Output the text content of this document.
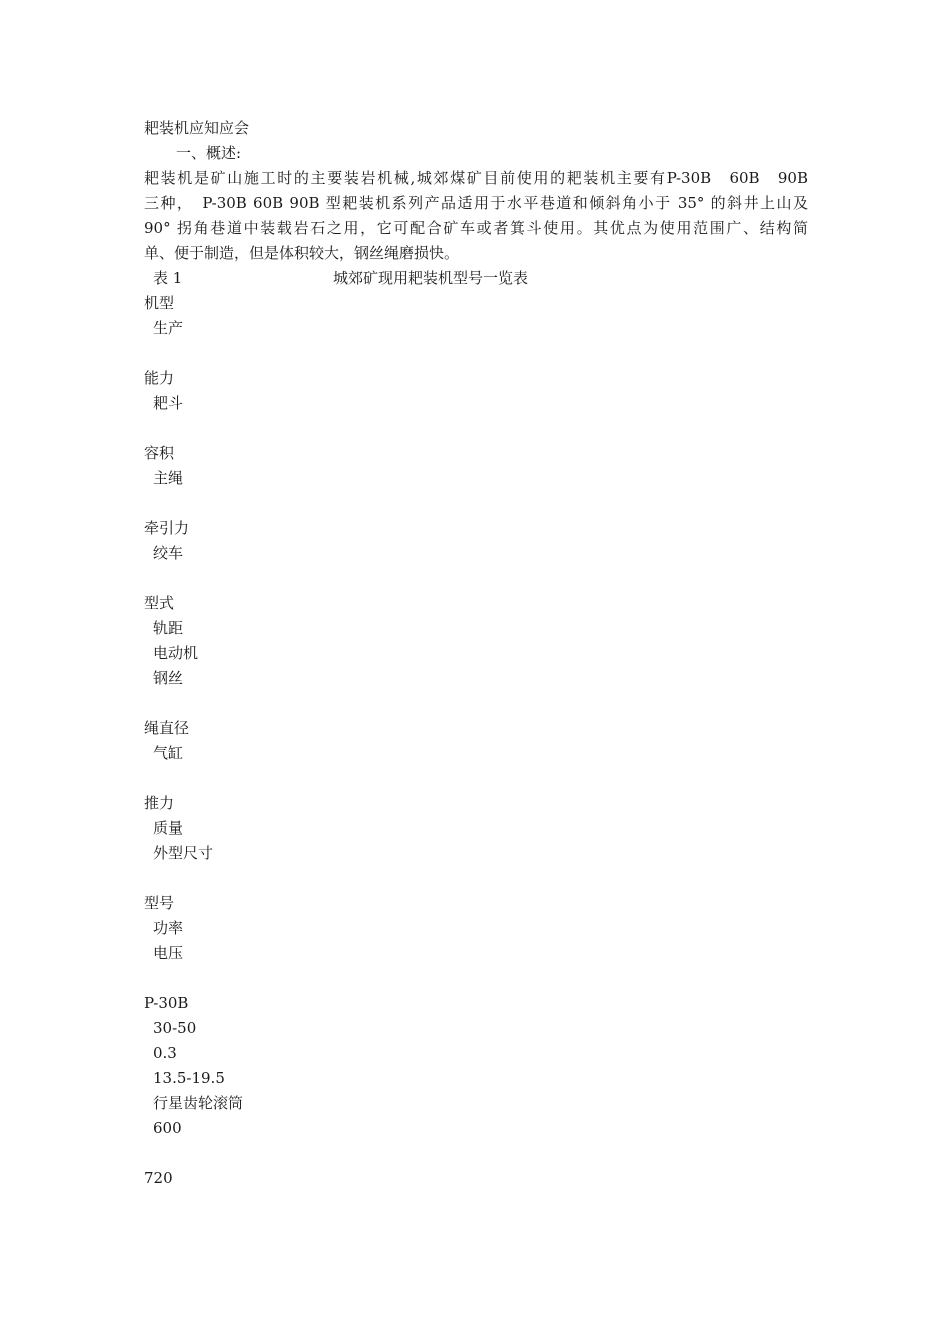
耙装机应知应会
一、概述:
耙装机是矿山施工时的主要装岩机械,城郊煤矿目前使用的耙装机主要有P-30B　60B　90B
三种，　P-30B 60B 90B 型耙装机系列产品适用于水平巷道和倾斜角小于 35° 的斜井上山及
90° 拐角巷道中装载岩石之用，它可配合矿车或者箕斗使用。其优点为使用范围广、结构简
单、便于制造，但是体积较大，钢丝绳磨损快。
表 1	城郊矿现用耙装机型号一览表
机型
生产
能力
耙斗
容积
主绳
牵引力
绞车
型式
轨距
电动机
钢丝
绳直径
气缸
推力
质量
外型尺寸
型号
功率
电压
P-30B
30-50
0.3
13.5-19.5
行星齿轮滚筒
600
720
